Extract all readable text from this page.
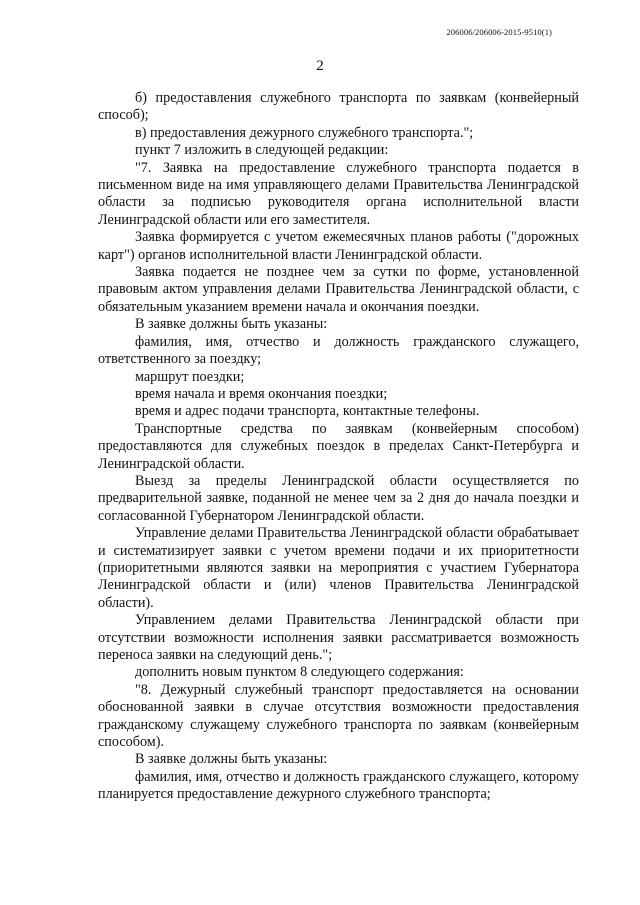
206006/206006-2015-9510(1)
2

б) предоставления служебного транспорта по заявкам (конвейерный способ);

в) предоставления дежурного служебного транспорта.";

пункт 7 изложить в следующей редакции:

"7. Заявка на предоставление служебного транспорта подается в письменном виде на имя управляющего делами Правительства Ленинградской области за подписью руководителя органа исполнительной власти Ленинградской области или его заместителя.

Заявка формируется с учетом ежемесячных планов работы ("дорожных карт") органов исполнительной власти Ленинградской области.

Заявка подается не позднее чем за сутки по форме, установленной правовым актом управления делами Правительства Ленинградской области, с обязательным указанием времени начала и окончания поездки.

В заявке должны быть указаны:

фамилия, имя, отчество и должность гражданского служащего, ответственного за поездку;

маршрут поездки;

время начала и время окончания поездки;

время и адрес подачи транспорта, контактные телефоны.

Транспортные средства по заявкам (конвейерным способом) предоставляются для служебных поездок в пределах Санкт-Петербурга и Ленинградской области.

Выезд за пределы Ленинградской области осуществляется по предварительной заявке, поданной не менее чем за 2 дня до начала поездки и согласованной Губернатором Ленинградской области.

Управление делами Правительства Ленинградской области обрабатывает и систематизирует заявки с учетом времени подачи и их приоритетности (приоритетными являются заявки на мероприятия с участием Губернатора Ленинградской области и (или) членов Правительства Ленинградской области).

Управлением делами Правительства Ленинградской области при отсутствии возможности исполнения заявки рассматривается возможность переноса заявки на следующий день.";

дополнить новым пунктом 8 следующего содержания:

"8. Дежурный служебный транспорт предоставляется на основании обоснованной заявки в случае отсутствия возможности предоставления гражданскому служащему служебного транспорта по заявкам (конвейерным способом).

В заявке должны быть указаны:

фамилия, имя, отчество и должность гражданского служащего, которому планируется предоставление дежурного служебного транспорта;
